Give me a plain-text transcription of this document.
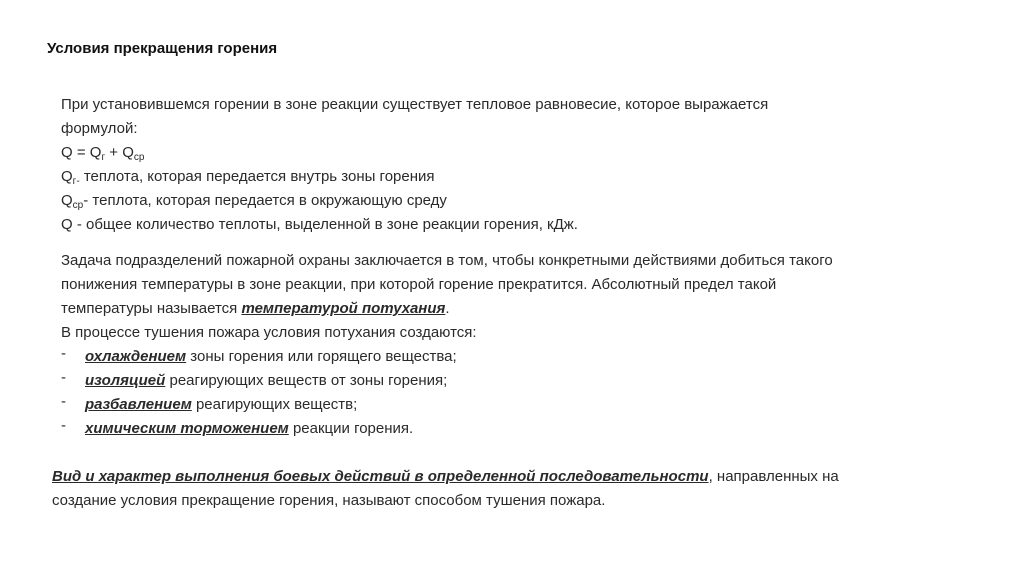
Условия прекращения горения
При установившемся горении в зоне реакции существует тепловое равновесие, которое выражается
формулой:
$Q = Q_г + Q_{ср}$
$Q_{г-}$ теплота, которая передается внутрь зоны горения
$Q_{ср}-$ теплота, которая передается в окружающую среду
Q - общее количество теплоты, выделенной в зоне реакции горения, кДж.
Задача подразделений пожарной охраны заключается в том, чтобы конкретными действиями добиться такого
понижения температуры в зоне реакции, при которой горение прекратится. Абсолютный предел такой
температуры называется температурой потухания.
В процессе тушения пожара условия потухания создаются:
- охлаждением зоны горения или горящего вещества;
- изоляцией реагирующих веществ от зоны горения;
- разбавлением реагирующих веществ;
- химическим торможением реакции горения.
Вид и характер выполнения боевых действий в определенной последовательности, направленных на
создание условия прекращение горения, называют способом тушения пожара.
